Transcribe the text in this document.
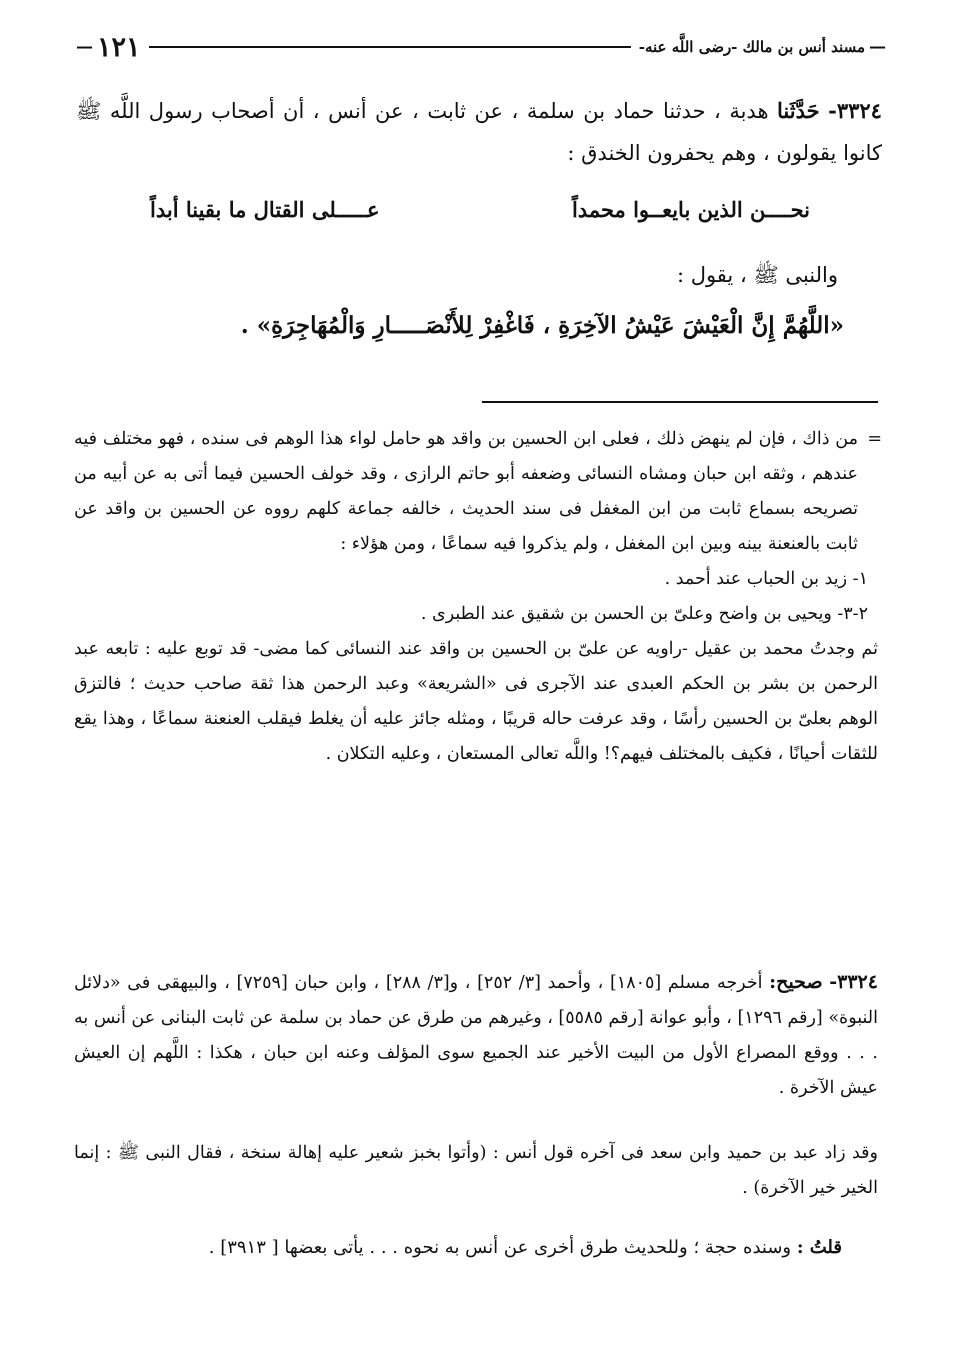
—
مسند أنس بن مالك -رضى اللَّه عنه-
١٢١
—
٣٣٢٤- حَدَّثَنا هدبة ، حدثنا حماد بن سلمة ، عن ثابت ، عن أنس ، أن أصحاب رسول اللَّه ﷺ كانوا يقولون ، وهم يحفرون الخندق :
نحــــن الذين بايعــوا محمداً
عـــــلى القتال ما بقينا أبداً
والنبى ﷺ ، يقول :
«اللَّهُمَّ إِنَّ الْعَيْشَ عَيْشُ الآخِرَةِ ، فَاغْفِرْ لِلأَنْصَـــــارِ وَالْمُهَاجِرَةِ» .
=

من ذاك ، فإن لم ينهض ذلك ، فعلى ابن الحسين بن واقد هو حامل لواء هذا الوهم فى سنده ، فهو مختلف فيه عندهم ، وثقه ابن حبان ومشاه النسائى وضعفه أبو حاتم الرازى ، وقد خولف الحسين فيما أتى به عن أبيه من تصريحه بسماع ثابت من ابن المغفل فى سند الحديث ، خالفه جماعة كلهم رووه عن الحسين بن واقد عن ثابت بالعنعنة بينه وبين ابن المغفل ، ولم يذكروا فيه سماعًا ، ومن هؤلاء :

١- زيد بن الحباب عند أحمد .

٢-٣- ويحيى بن واضح وعلىّ بن الحسن بن شقيق عند الطبرى .

ثم وجدتُ محمد بن عقيل -راويه عن علىّ بن الحسين بن واقد عند النسائى كما مضى- قد توبع عليه : تابعه عبد الرحمن بن بشر بن الحكم العبدى عند الآجرى فى «الشريعة» وعبد الرحمن هذا ثقة صاحب حديث ؛ فالتزق الوهم بعلىّ بن الحسين رأسًا ، وقد عرفت حاله قريبًا ، ومثله جائز عليه أن يغلط فيقلب العنعنة سماعًا ، وهذا يقع للثقات أحيانًا ، فكيف بالمختلف فيهم؟! واللَّه تعالى المستعان ، وعليه التكلان .

٣٣٢٤- صحيح: أخرجه مسلم [١٨٠٥] ، وأحمد [٣/ ٢٥٢] ، و[٣/ ٢٨٨] ، وابن حبان [٧٢٥٩] ، والبيهقى فى «دلائل النبوة» [رقم ١٢٩٦] ، وأبو عوانة [رقم ٥٥٨٥] ، وغيرهم من طرق عن حماد بن سلمة عن ثابت البنانى عن أنس به . . . ووقع المصراع الأول من البيت الأخير عند الجميع سوى المؤلف وعنه ابن حبان ، هكذا : اللَّهم إن العيش عيش الآخرة .

وقد زاد عبد بن حميد وابن سعد فى آخره قول أنس : (وأتوا بخبز شعير عليه إهالة سنخة ، فقال النبى ﷺ : إنما الخير خير الآخرة) .

قلتُ : وسنده حجة ؛ وللحديث طرق أخرى عن أنس به نحوه . . . يأتى بعضها [ ٣٩١٣] .
